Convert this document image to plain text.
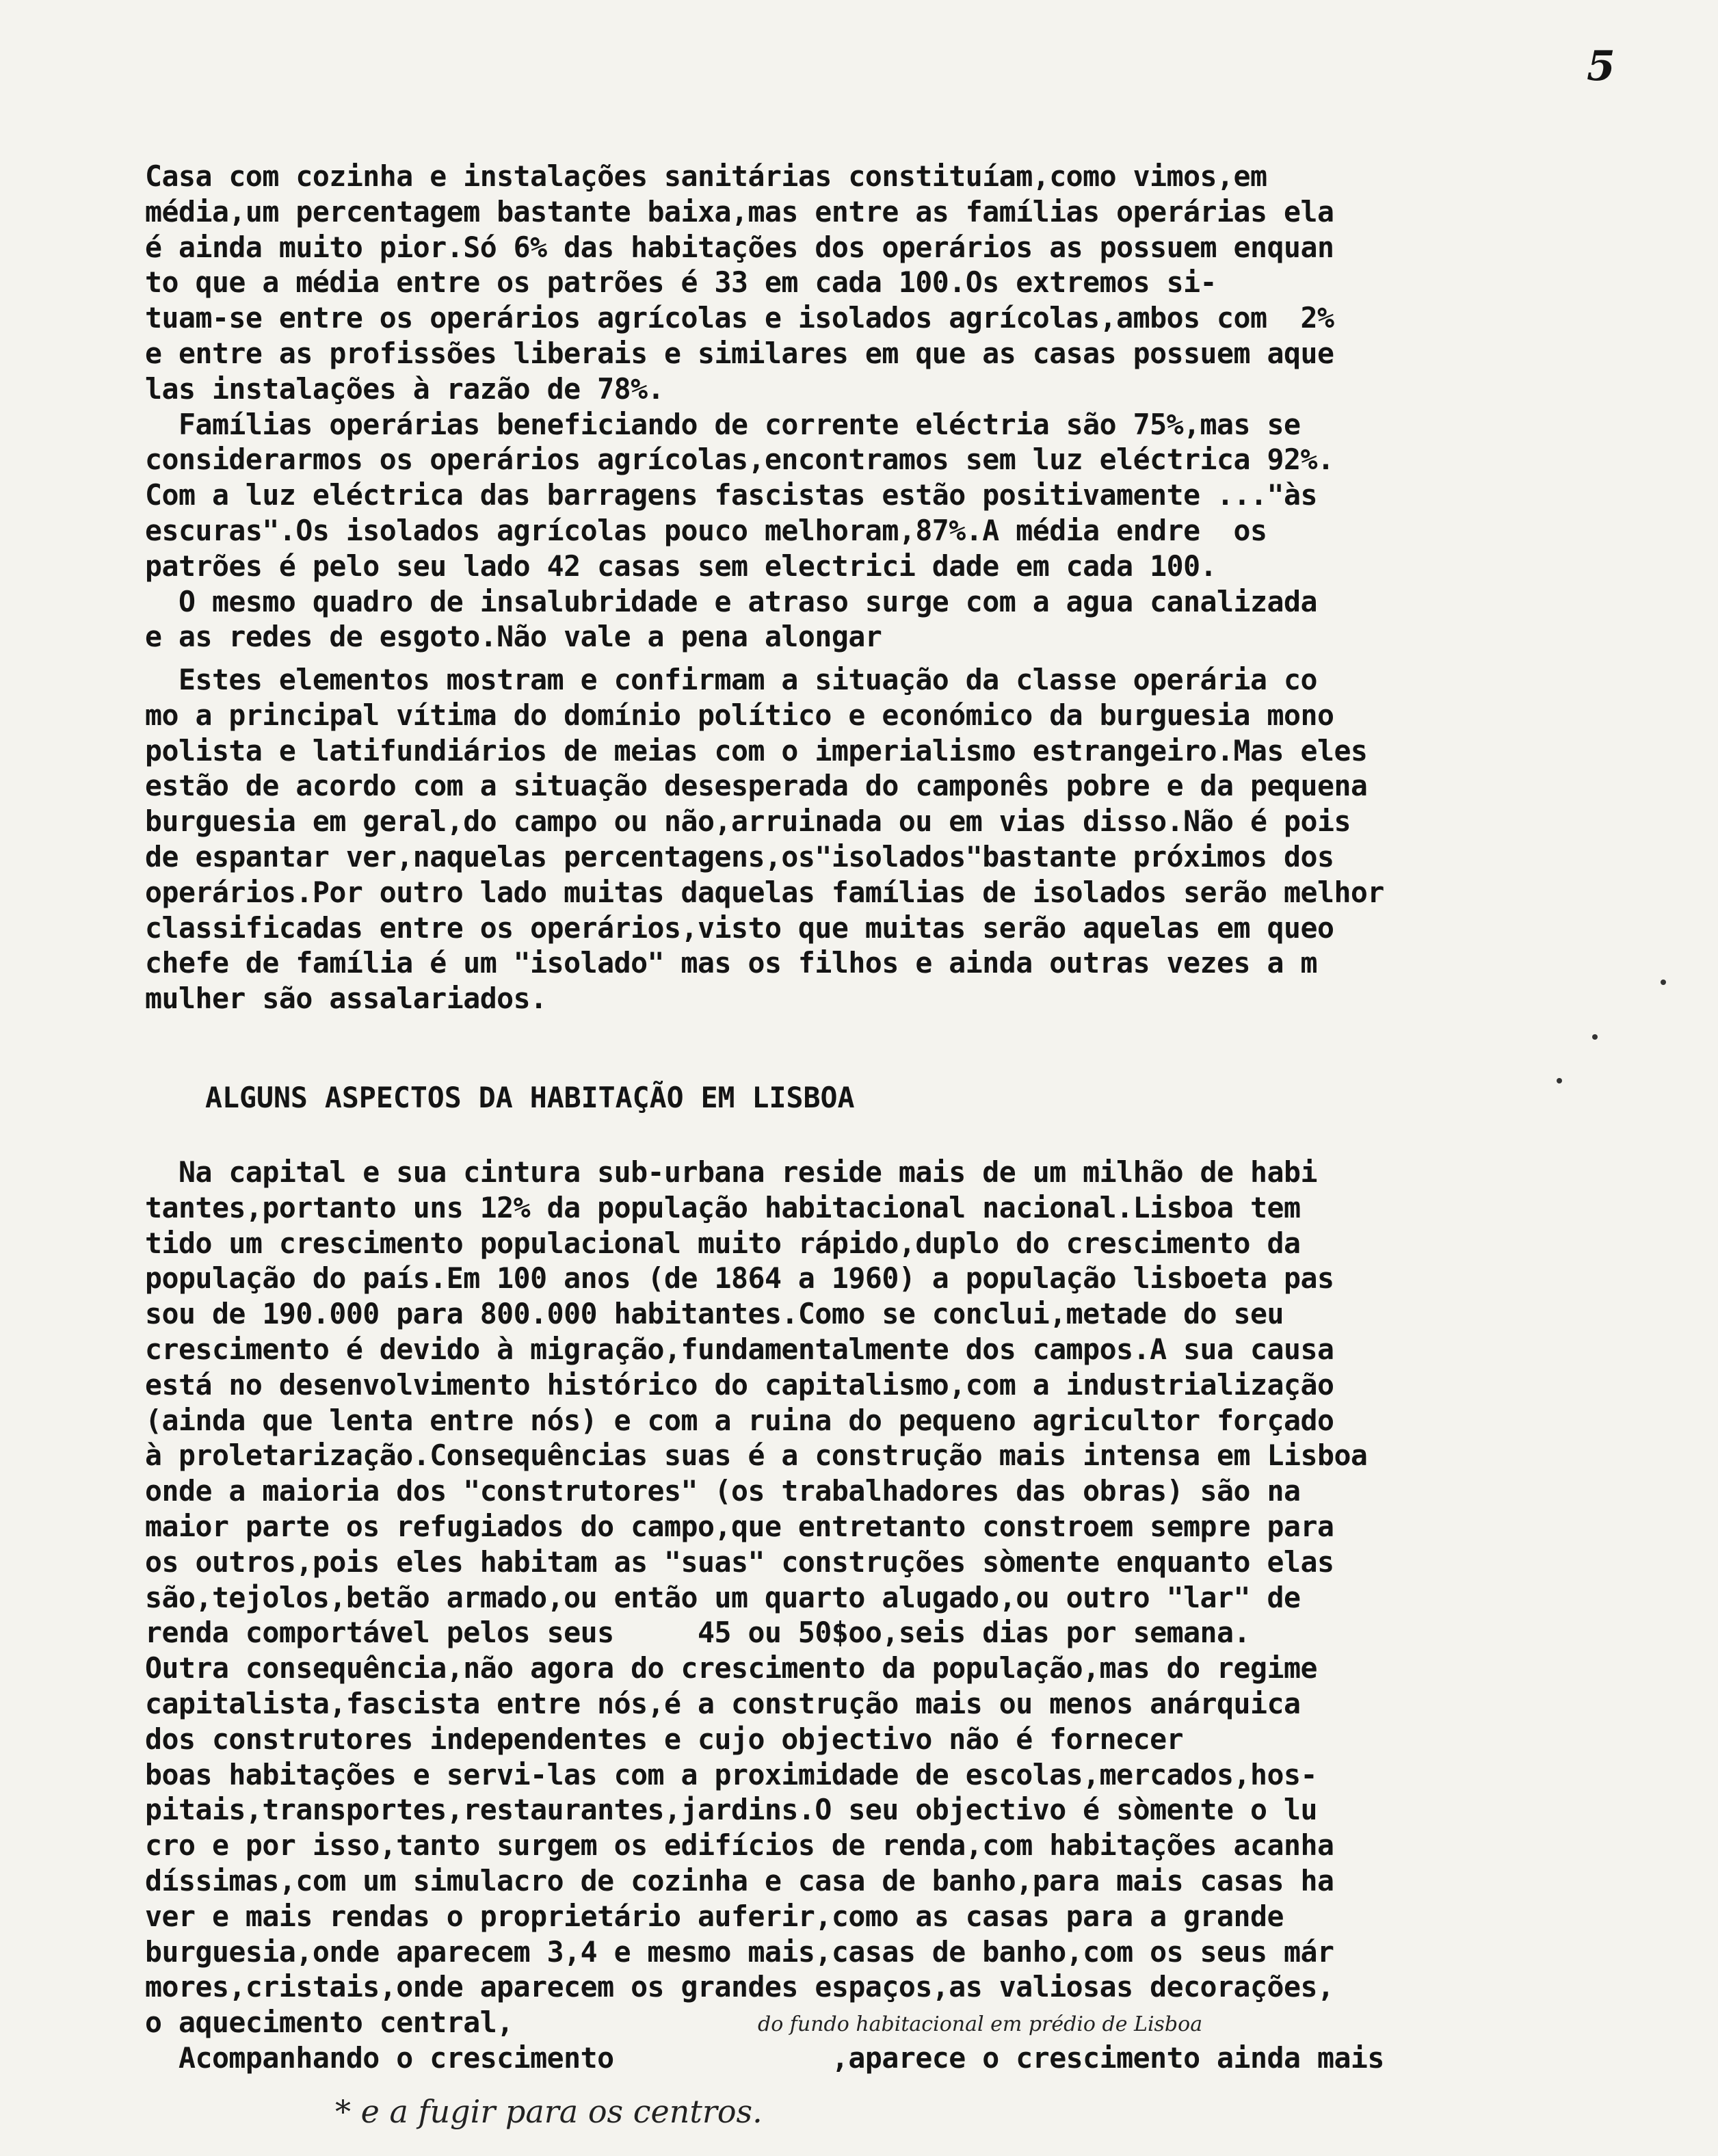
5
Casa com cozinha e instalações sanitárias constituíam,como vimos,em
média,um percentagem bastante baixa,mas entre as famílias operárias ela
é ainda muito pior.Só 6% das habitações dos operários as possuem enquan
to que a média entre os patrões é 33 em cada 100.Os extremos si-
tuam-se entre os operários agrícolas e isolados agrícolas,ambos com  2%
e entre as profissões liberais e similares em que as casas possuem aque
las instalações à razão de 78%.
Famílias operárias beneficiando de corrente eléctria são 75%,mas se
considerarmos os operários agrícolas,encontramos sem luz eléctrica 92%.
Com a luz eléctrica das barragens fascistas estão positivamente ..."às
escuras".Os isolados agrícolas pouco melhoram,87%.A média endre  os
patrões é pelo seu lado 42 casas sem electrici dade em cada 100.
O mesmo quadro de insalubridade e atraso surge com a agua canalizada
e as redes de esgoto.Não vale a pena alongar
Estes elementos mostram e confirmam a situação da classe operária co
mo a principal vítima do domínio político e económico da burguesia mono
polista e latifundiários de meias com o imperialismo estrangeiro.Mas eles
estão de acordo com a situação desesperada do camponês pobre e da pequena
burguesia em geral,do campo ou não,arruinada ou em vias disso.Não é pois
de espantar ver,naquelas percentagens,os"isolados"bastante próximos dos
operários.Por outro lado muitas daquelas famílias de isolados serão melhor
classificadas entre os operários,visto que muitas serão aquelas em queo
chefe de família é um "isolado" mas os filhos e ainda outras vezes a m
mulher são assalariados.
ALGUNS ASPECTOS DA HABITAÇÃO EM LISBOA
Na capital e sua cintura sub-urbana reside mais de um milhão de habi
tantes,portanto uns 12% da população habitacional nacional.Lisboa tem
tido um crescimento populacional muito rápido,duplo do crescimento da
população do país.Em 100 anos (de 1864 a 1960) a população lisboeta pas
sou de 190.000 para 800.000 habitantes.Como se conclui,metade do seu
crescimento é devido à migração,fundamentalmente dos campos.A sua causa
está no desenvolvimento histórico do capitalismo,com a industrialização
(ainda que lenta entre nós) e com a ruina do pequeno agricultor forçado
à proletarização.Consequências suas é a construção mais intensa em Lisboa
onde a maioria dos "construtores" (os trabalhadores das obras) são na
maior parte os refugiados do campo,que entretanto constroem sempre para
os outros,pois eles habitam as "suas" construções sòmente enquanto elas
são,tejolos,betão armado,ou então um quarto alugado,ou outro "lar" de
renda comportável pelos seus     45 ou 50$oo,seis dias por semana.
Outra consequência,não agora do crescimento da população,mas do regime
capitalista,fascista entre nós,é a construção mais ou menos anárquica
dos construtores independentes e cujo objectivo não é fornecer
boas habitações e servi-las com a proximidade de escolas,mercados,hos-
pitais,transportes,restaurantes,jardins.O seu objectivo é sòmente o lu
cro e por isso,tanto surgem os edifícios de renda,com habitações acanha
díssimas,com um simulacro de cozinha e casa de banho,para mais casas ha
ver e mais rendas o proprietário auferir,como as casas para a grande
burguesia,onde aparecem 3,4 e mesmo mais,casas de banho,com os seus már
mores,cristais,onde aparecem os grandes espaços,as valiosas decorações,
o aquecimento central,
Acompanhando o crescimento             ,aparece o crescimento ainda mais
do fundo habitacional em prédio de Lisboa
* e a fugir para os centros.
